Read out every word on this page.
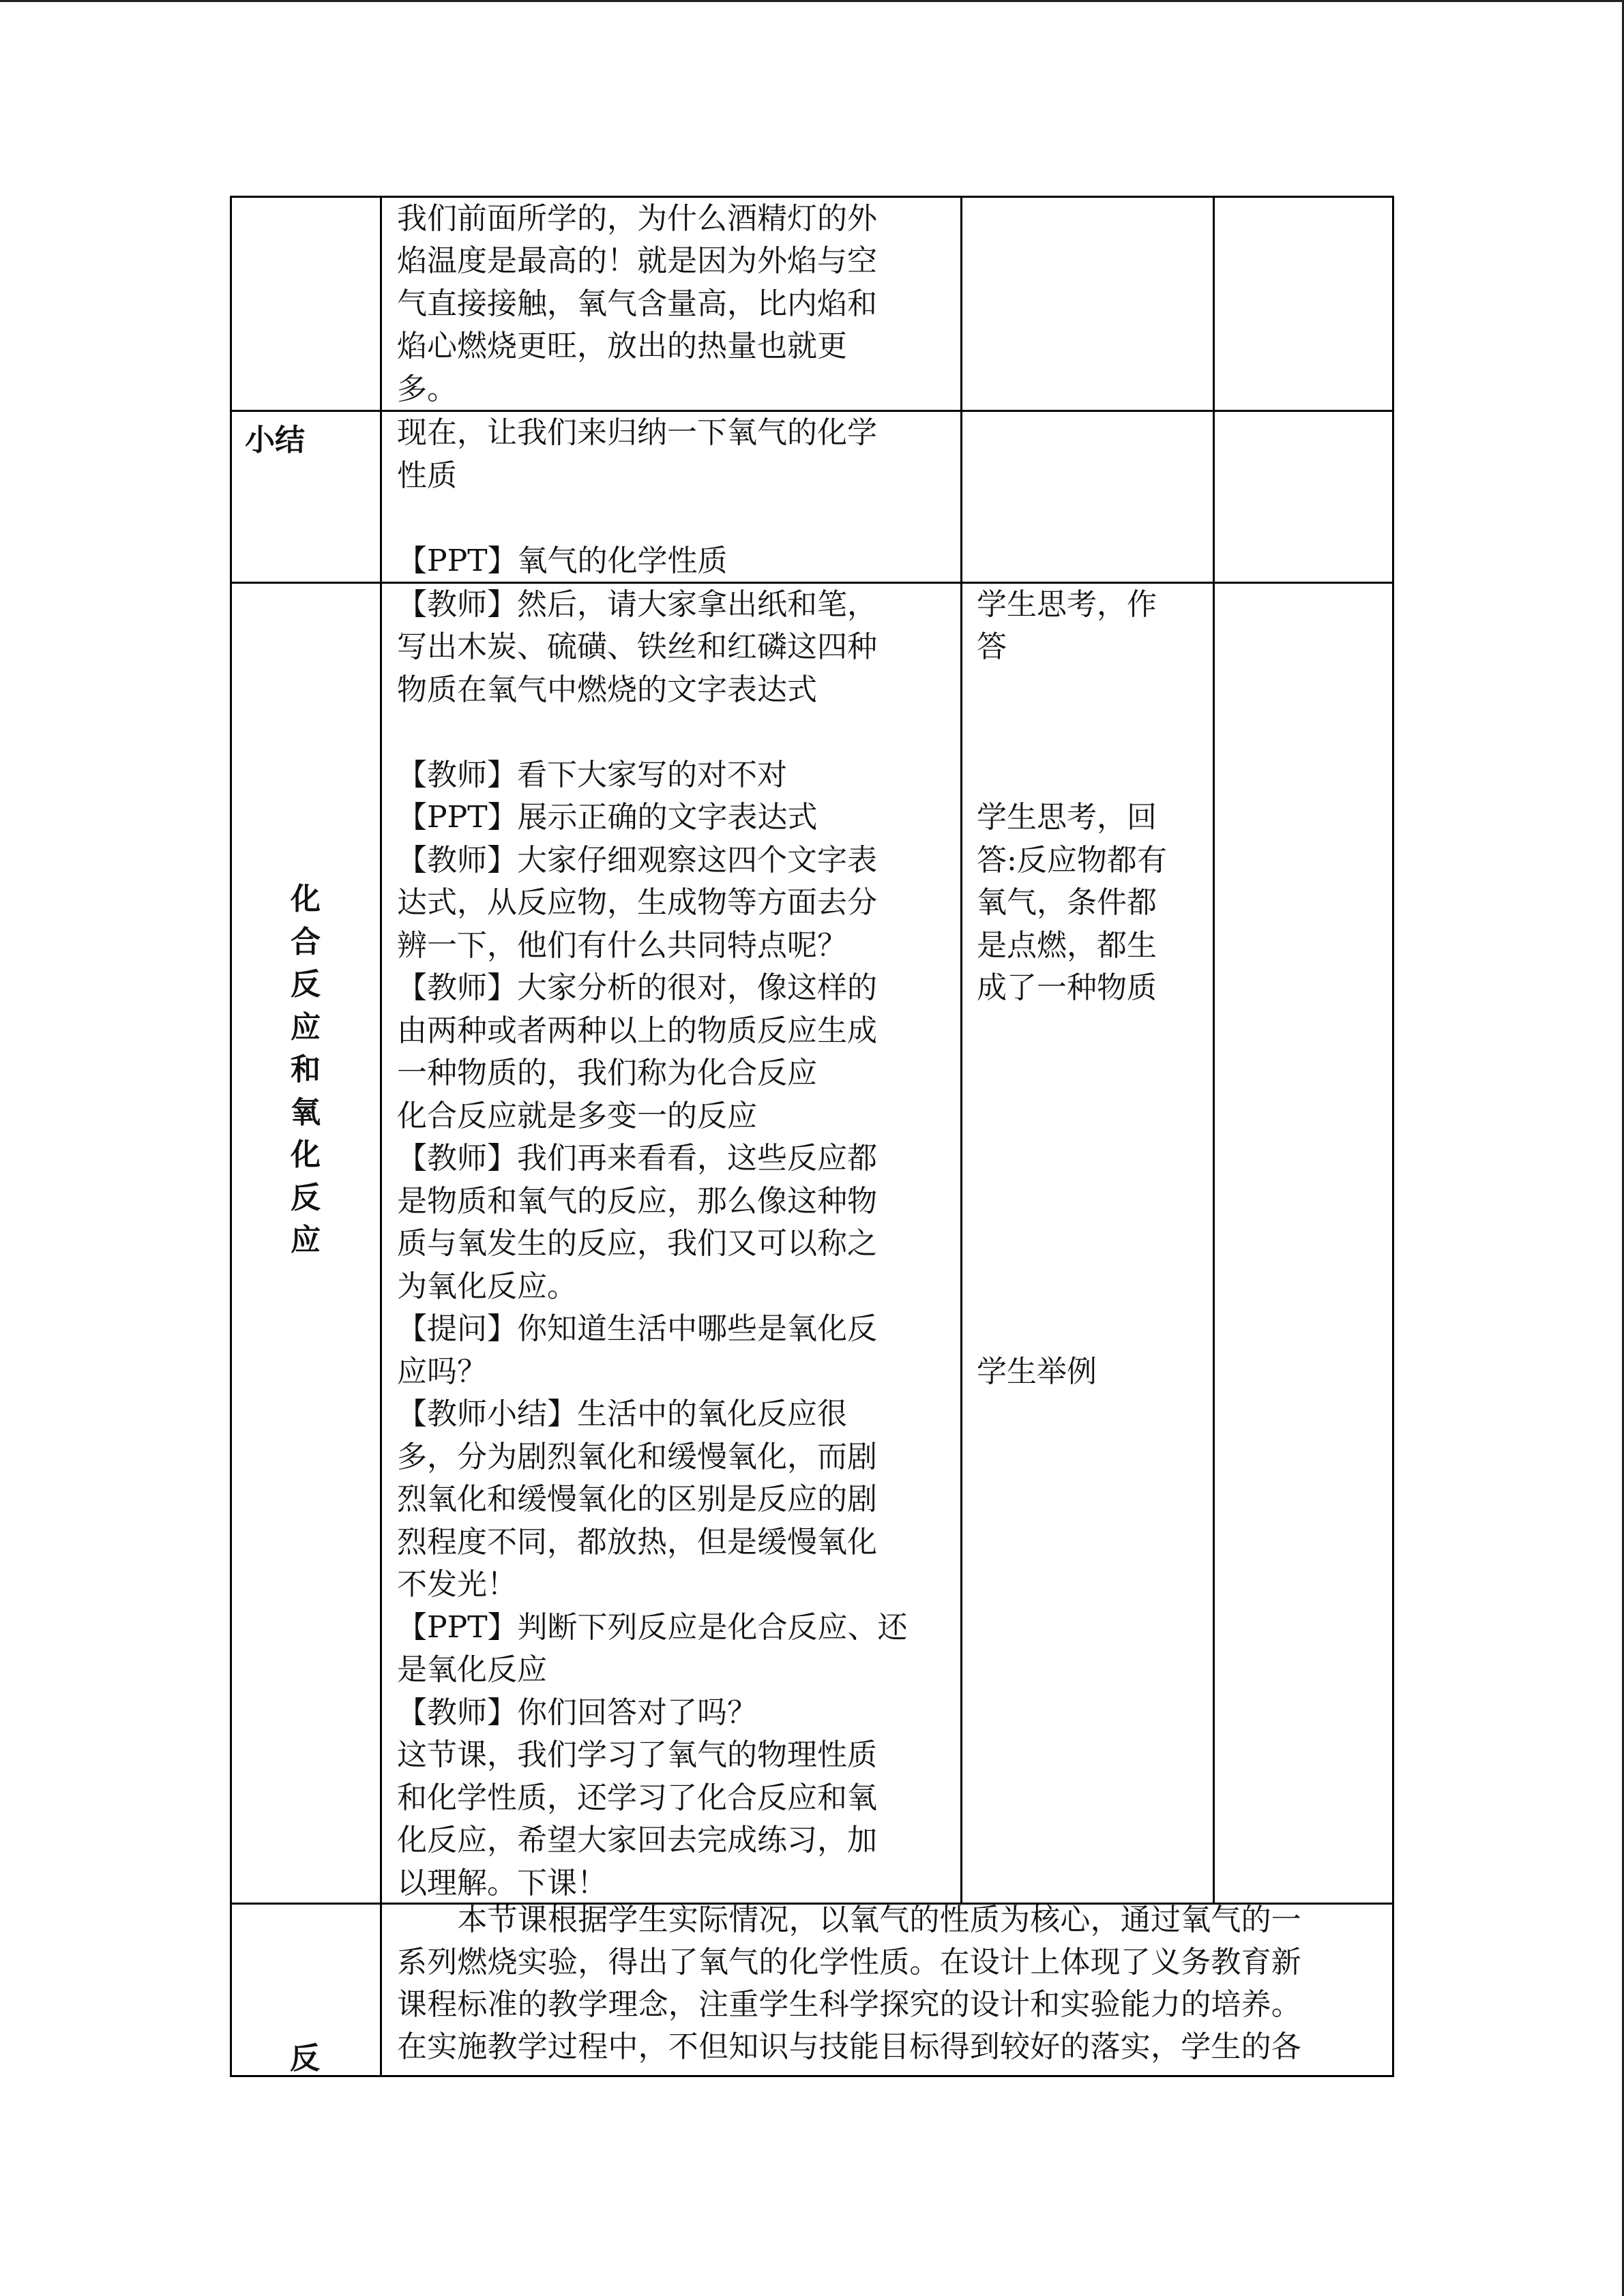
我们前面所学的，为什么酒精灯的外
焰温度是最高的！就是因为外焰与空
气直接接触，氧气含量高，比内焰和
焰心燃烧更旺，放出的热量也就更
多。
小结	现在，让我们来归纳一下氧气的化学
性质
【PPT】氧气的化学性质
化
合
反
应
和
氧
化
反
应
【教师】然后，请大家拿出纸和笔，
写出木炭、硫磺、铁丝和红磷这四种
物质在氧气中燃烧的文字表达式
【教师】看下大家写的对不对
【PPT】展示正确的文字表达式
【教师】大家仔细观察这四个文字表
达式，从反应物，生成物等方面去分
辨一下，他们有什么共同特点呢？
【教师】大家分析的很对，像这样的
由两种或者两种以上的物质反应生成
一种物质的，我们称为化合反应
化合反应就是多变一的反应
【教师】我们再来看看，这些反应都
是物质和氧气的反应，那么像这种物
质与氧发生的反应，我们又可以称之
为氧化反应。
【提问】你知道生活中哪些是氧化反
应吗？
【教师小结】生活中的氧化反应很
多，分为剧烈氧化和缓慢氧化，而剧
烈氧化和缓慢氧化的区别是反应的剧
烈程度不同，都放热，但是缓慢氧化
不发光！
【PPT】判断下列反应是化合反应、还
是氧化反应
【教师】你们回答对了吗？
这节课，我们学习了氧气的物理性质
和化学性质，还学习了化合反应和氧
化反应，希望大家回去完成练习，加
以理解。下课！
学生思考，作
答
学生思考，回
答:反应物都有
氧气，条件都
是点燃，都生
成了一种物质
学生举例
反
　　本节课根据学生实际情况，以氧气的性质为核心，通过氧气的一
系列燃烧实验，得出了氧气的化学性质。在设计上体现了义务教育新
课程标准的教学理念，注重学生科学探究的设计和实验能力的培养。
在实施教学过程中，不但知识与技能目标得到较好的落实，学生的各
